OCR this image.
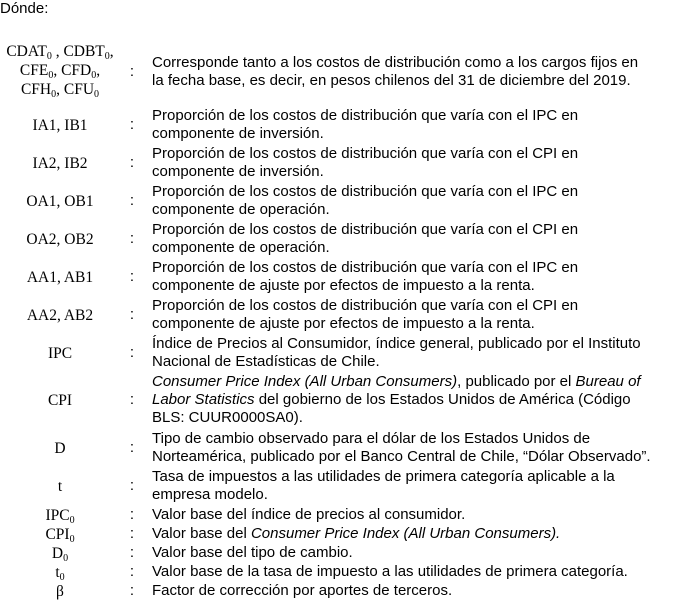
Dónde:
$CDAT_0$ , $CDBT_0$,
$CFE_0$, $CFD_0$,
$CFH_0$, $CFU_0$
:
Corresponde tanto a los costos de distribución como a los cargos fijos en
la fecha base, es decir, en pesos chilenos del 31 de diciembre del 2019.
IA1, IB1	:
Proporción de los costos de distribución que varía con el IPC en
componente de inversión.
IA2, IB2	:
Proporción de los costos de distribución que varía con el CPI en
componente de inversión.
OA1, OB1	:
Proporción de los costos de distribución que varía con el IPC en
componente de operación.
OA2, OB2	:
Proporción de los costos de distribución que varía con el CPI en
componente de operación.
AA1, AB1	:
Proporción de los costos de distribución que varía con el IPC en
componente de ajuste por efectos de impuesto a la renta.
AA2, AB2	:
Proporción de los costos de distribución que varía con el CPI en
componente de ajuste por efectos de impuesto a la renta.
IPC	:
Índice de Precios al Consumidor, índice general, publicado por el Instituto
Nacional de Estadísticas de Chile.
CPI	:
Consumer Price Index (All Urban Consumers), publicado por el Bureau of
Labor Statistics del gobierno de los Estados Unidos de América (Código
BLS: CUUR0000SA0).
D	:
Tipo de cambio observado para el dólar de los Estados Unidos de
Norteamérica, publicado por el Banco Central de Chile, “Dólar Observado”.
t	:
Tasa de impuestos a las utilidades de primera categoría aplicable a la
empresa modelo.
$IPC_0$	: Valor base del índice de precios al consumidor.
$CPI_0$	: Valor base del Consumer Price Index (All Urban Consumers).
$D_0$	: Valor base del tipo de cambio.
$t_0$	: Valor base de la tasa de impuesto a las utilidades de primera categoría.
β	: Factor de corrección por aportes de terceros.
